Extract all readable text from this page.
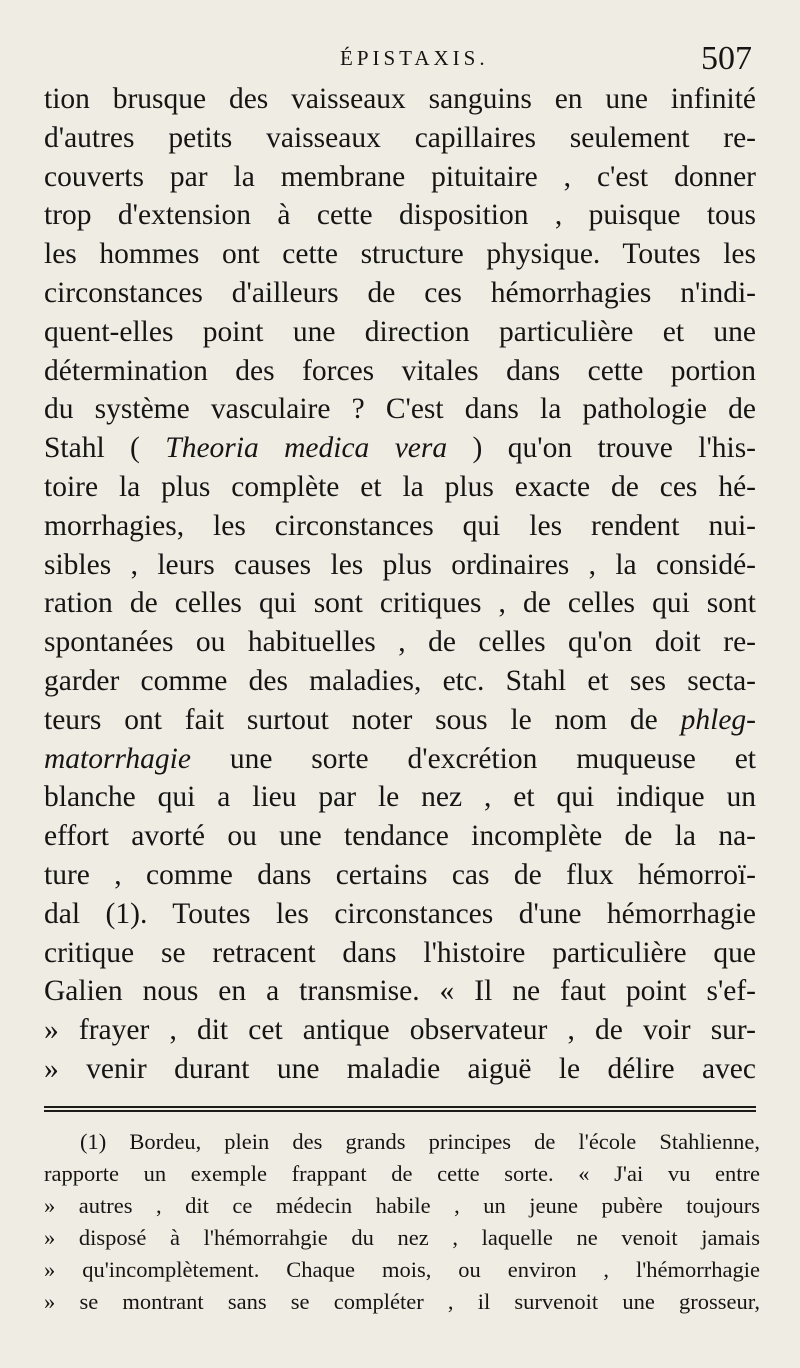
ÉPISTAXIS.	507
tion brusque des vaisseaux sanguins en une infinité
d'autres petits vaisseaux capillaires seulement re-
couverts par la membrane pituitaire , c'est donner
trop d'extension à cette disposition , puisque tous
les hommes ont cette structure physique. Toutes les
circonstances d'ailleurs de ces hémorrhagies n'indi-
quent-elles point une direction particulière et une
détermination des forces vitales dans cette portion
du système vasculaire ? C'est dans la pathologie de
Stahl ( Theoria medica vera ) qu'on trouve l'his-
toire la plus complète et la plus exacte de ces hé-
morrhagies, les circonstances qui les rendent nui-
sibles , leurs causes les plus ordinaires , la considé-
ration de celles qui sont critiques , de celles qui sont
spontanées ou habituelles , de celles qu'on doit re-
garder comme des maladies, etc. Stahl et ses secta-
teurs ont fait surtout noter sous le nom de phleg-
matorrhagie une sorte d'excrétion muqueuse et
blanche qui a lieu par le nez , et qui indique un
effort avorté ou une tendance incomplète de la na-
ture , comme dans certains cas de flux hémorroï-
dal (1). Toutes les circonstances d'une hémorrhagie
critique se retracent dans l'histoire particulière que
Galien nous en a transmise. « Il ne faut point s'ef-
» frayer , dit cet antique observateur , de voir sur-
» venir durant une maladie aiguë le délire avec
(1) Bordeu, plein des grands principes de l'école Stahlienne,
rapporte un exemple frappant de cette sorte. « J'ai vu entre
» autres , dit ce médecin habile , un jeune pubère toujours
» disposé à l'hémorrahgie du nez , laquelle ne venoit jamais
» qu'incomplètement. Chaque mois, ou environ , l'hémorrhagie
» se montrant sans se compléter , il survenoit une grosseur,
